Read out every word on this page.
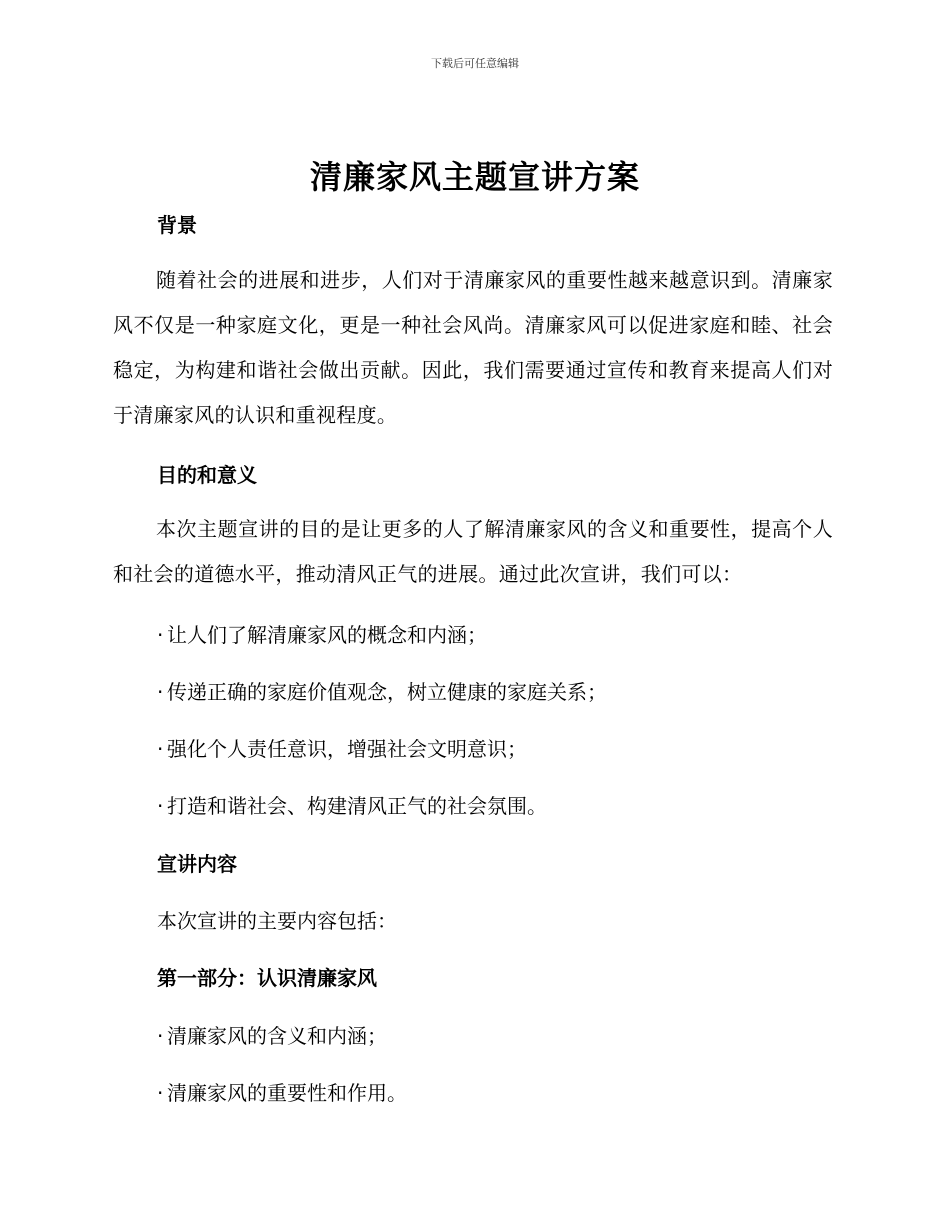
下载后可任意编辑
清廉家风主题宣讲方案
背景
随着社会的进展和进步，人们对于清廉家风的重要性越来越意识到。清廉家风不仅是一种家庭文化，更是一种社会风尚。清廉家风可以促进家庭和睦、社会稳定，为构建和谐社会做出贡献。因此，我们需要通过宣传和教育来提高人们对于清廉家风的认识和重视程度。
目的和意义
本次主题宣讲的目的是让更多的人了解清廉家风的含义和重要性，提高个人和社会的道德水平，推动清风正气的进展。通过此次宣讲，我们可以：
· 让人们了解清廉家风的概念和内涵；
· 传递正确的家庭价值观念，树立健康的家庭关系；
· 强化个人责任意识，增强社会文明意识；
· 打造和谐社会、构建清风正气的社会氛围。
宣讲内容
本次宣讲的主要内容包括：
第一部分：认识清廉家风
· 清廉家风的含义和内涵；
· 清廉家风的重要性和作用。
